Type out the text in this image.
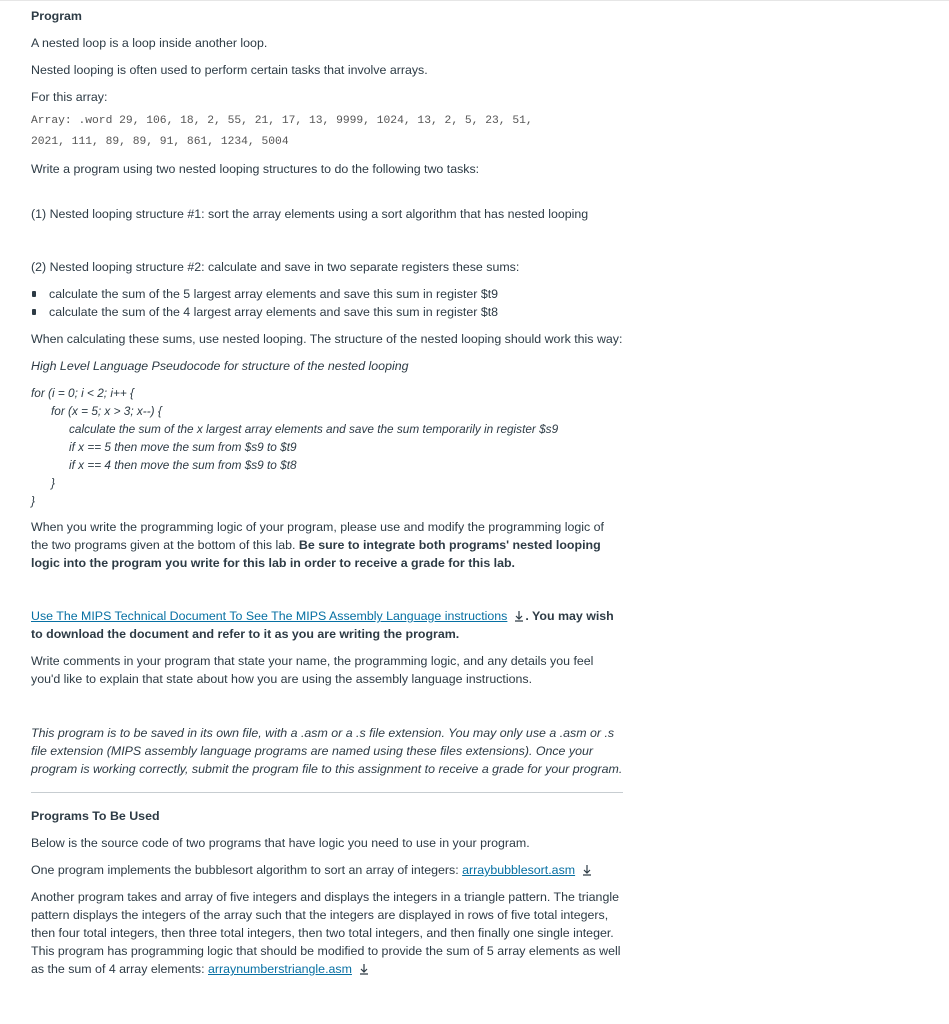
Program

A nested loop is a loop inside another loop.

Nested looping is often used to perform certain tasks that involve arrays.

For this array:

Array: .word 29, 106, 18, 2, 55, 21, 17, 13, 9999, 1024, 13, 2, 5, 23, 51,
2021, 111, 89, 89, 91, 861, 1234, 5004

Write a program using two nested looping structures to do the following two tasks:

(1) Nested looping structure #1: sort the array elements using a sort algorithm that has nested looping

(2) Nested looping structure #2: calculate and save in two separate registers these sums:

calculate the sum of the 5 largest array elements and save this sum in register $t9
calculate the sum of the 4 largest array elements and save this sum in register $t8

When calculating these sums, use nested looping. The structure of the nested looping should work this way:

High Level Language Pseudocode for structure of the nested looping

for (i = 0; i < 2; i++ {
for (x = 5; x > 3; x--) {
calculate the sum of the x largest array elements and save the sum temporarily in register $s9
if x == 5 then move the sum from $s9 to $t9
if x == 4 then move the sum from $s9 to $t8
}
}

When you write the programming logic of your program, please use and modify the programming logic of the two programs given at the bottom of this lab. Be sure to integrate both programs' nested looping logic into the program you write for this lab in order to receive a grade for this lab.

Use The MIPS Technical Document To See The MIPS Assembly Language instructions . You may wish to download the document and refer to it as you are writing the program.

Write comments in your program that state your name, the programming logic, and any details you feel you'd like to explain that state about how you are using the assembly language instructions.

This program is to be saved in its own file, with a .asm or a .s file extension. You may only use a .asm or .s file extension (MIPS assembly language programs are named using these files extensions). Once your program is working correctly, submit the program file to this assignment to receive a grade for your program.

Programs To Be Used

Below is the source code of two programs that have logic you need to use in your program.

One program implements the bubblesort algorithm to sort an array of integers: arraybubblesort.asm

Another program takes and array of five integers and displays the integers in a triangle pattern. The triangle pattern displays the integers of the array such that the integers are displayed in rows of five total integers, then four total integers, then three total integers, then two total integers, and then finally one single integer. This program has programming logic that should be modified to provide the sum of 5 array elements as well as the sum of 4 array elements: arraynumberstriangle.asm
